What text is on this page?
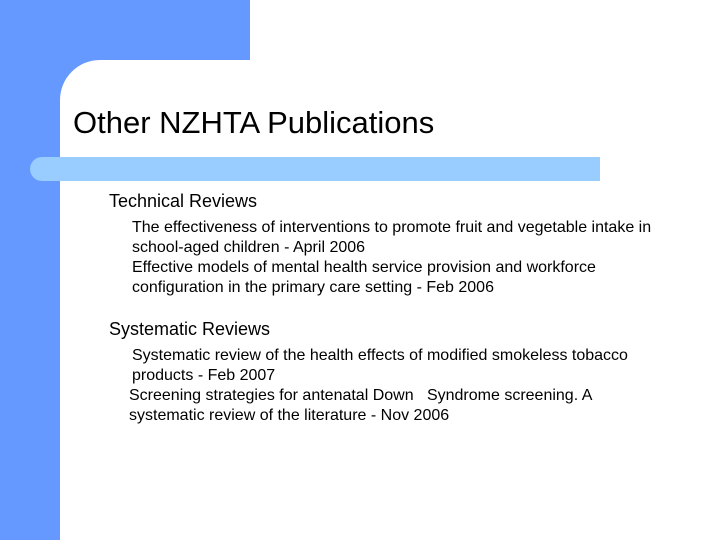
Other NZHTA Publications
Technical Reviews
The effectiveness of interventions to promote fruit and vegetable intake in school-aged children - April 2006
Effective models of mental health service provision and workforce configuration in the primary care setting - Feb 2006
Systematic Reviews
Systematic review of the health effects of modified smokeless tobacco products - Feb 2007
Screening strategies for antenatal Down   Syndrome screening. A systematic review of the literature - Nov 2006
